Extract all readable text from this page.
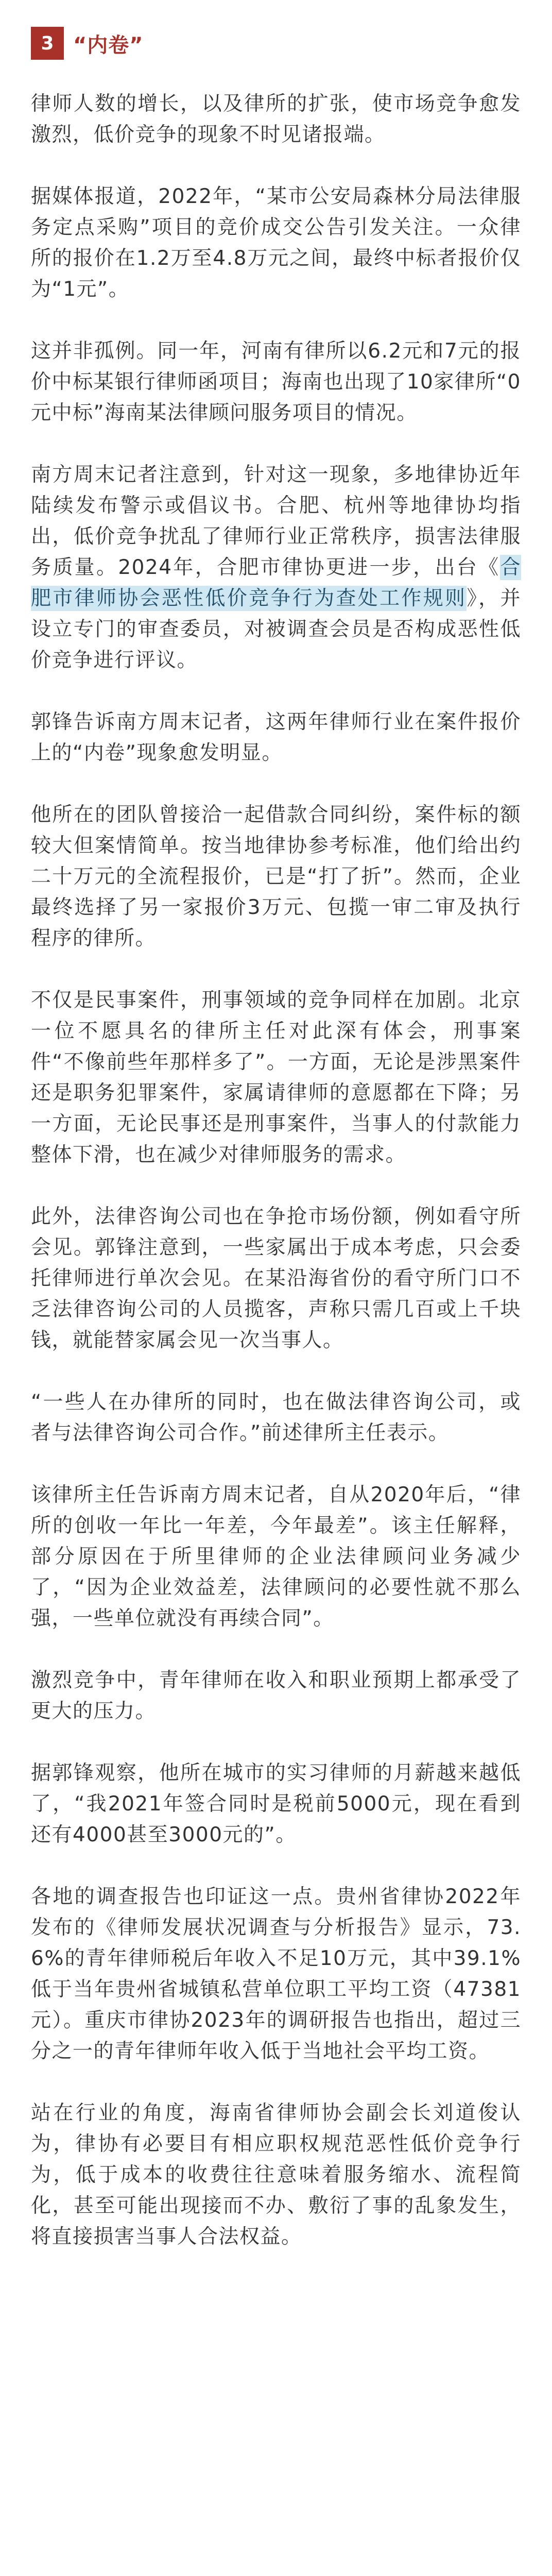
3 “内卷”

律师人数的增长，以及律所的扩张，使市场竞争愈发激烈，低价竞争的现象不时见诸报端。

据媒体报道，2022年，“某市公安局森林分局法律服务定点采购”项目的竞价成交公告引发关注。一众律所的报价在1.2万至4.8万元之间，最终中标者报价仅为“1元”。

这并非孤例。同一年，河南有律所以6.2元和7元的报价中标某银行律师函项目；海南也出现了10家律所“0元中标”海南某法律顾问服务项目的情况。

南方周末记者注意到，针对这一现象，多地律协近年陆续发布警示或倡议书。合肥、杭州等地律协均指出，低价竞争扰乱了律师行业正常秩序，损害法律服务质量。2024年，合肥市律协更进一步，出台《合肥市律师协会恶性低价竞争行为查处工作规则》，并设立专门的审查委员，对被调查会员是否构成恶性低价竞争进行评议。

郭锋告诉南方周末记者，这两年律师行业在案件报价上的“内卷”现象愈发明显。

他所在的团队曾接洽一起借款合同纠纷，案件标的额较大但案情简单。按当地律协参考标准，他们给出约二十万元的全流程报价，已是“打了折”。然而，企业最终选择了另一家报价3万元、包揽一审二审及执行程序的律所。

不仅是民事案件，刑事领域的竞争同样在加剧。北京一位不愿具名的律所主任对此深有体会，刑事案件“不像前些年那样多了”。一方面，无论是涉黑案件还是职务犯罪案件，家属请律师的意愿都在下降；另一方面，无论民事还是刑事案件，当事人的付款能力整体下滑，也在减少对律师服务的需求。

此外，法律咨询公司也在争抢市场份额，例如看守所会见。郭锋注意到，一些家属出于成本考虑，只会委托律师进行单次会见。在某沿海省份的看守所门口不乏法律咨询公司的人员揽客，声称只需几百或上千块钱，就能替家属会见一次当事人。

“一些人在办律所的同时，也在做法律咨询公司，或者与法律咨询公司合作。”前述律所主任表示。

该律所主任告诉南方周末记者，自从2020年后，“律所的创收一年比一年差，今年最差”。该主任解释，部分原因在于所里律师的企业法律顾问业务减少了，“因为企业效益差，法律顾问的必要性就不那么强，一些单位就没有再续合同”。

激烈竞争中，青年律师在收入和职业预期上都承受了更大的压力。

据郭锋观察，他所在城市的实习律师的月薪越来越低了，“我2021年签合同时是税前5000元，现在看到还有4000甚至3000元的”。

各地的调查报告也印证这一点。贵州省律协2022年发布的《律师发展状况调查与分析报告》显示，73.6%的青年律师税后年收入不足10万元，其中39.1%低于当年贵州省城镇私营单位职工平均工资（47381元）。重庆市律协2023年的调研报告也指出，超过三分之一的青年律师年收入低于当地社会平均工资。

站在行业的角度，海南省律师协会副会长刘道俊认为，律协有必要目有相应职权规范恶性低价竞争行为，低于成本的收费往往意味着服务缩水、流程简化，甚至可能出现接而不办、敷衍了事的乱象发生，将直接损害当事人合法权益。
